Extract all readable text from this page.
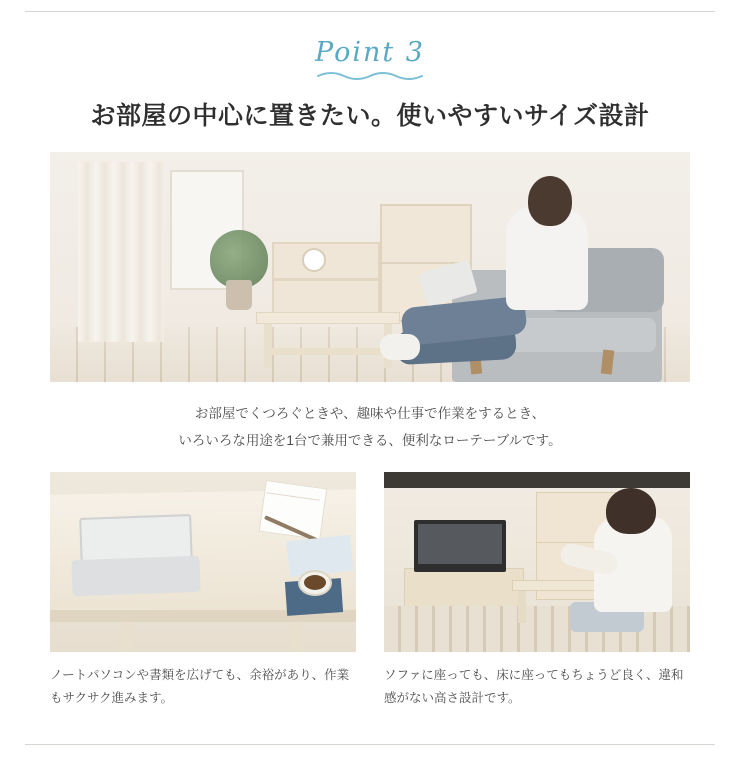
Point 3
お部屋の中心に置きたい。使いやすいサイズ設計

お部屋でくつろぐときや、趣味や仕事で作業をするとき、
いろいろな用途を1台で兼用できる、便利なローテーブルです。

ノートパソコンや書類を広げても、余裕があり、作業もサクサク進みます。

ソファに座っても、床に座ってもちょうど良く、違和感がない高さ設計です。
